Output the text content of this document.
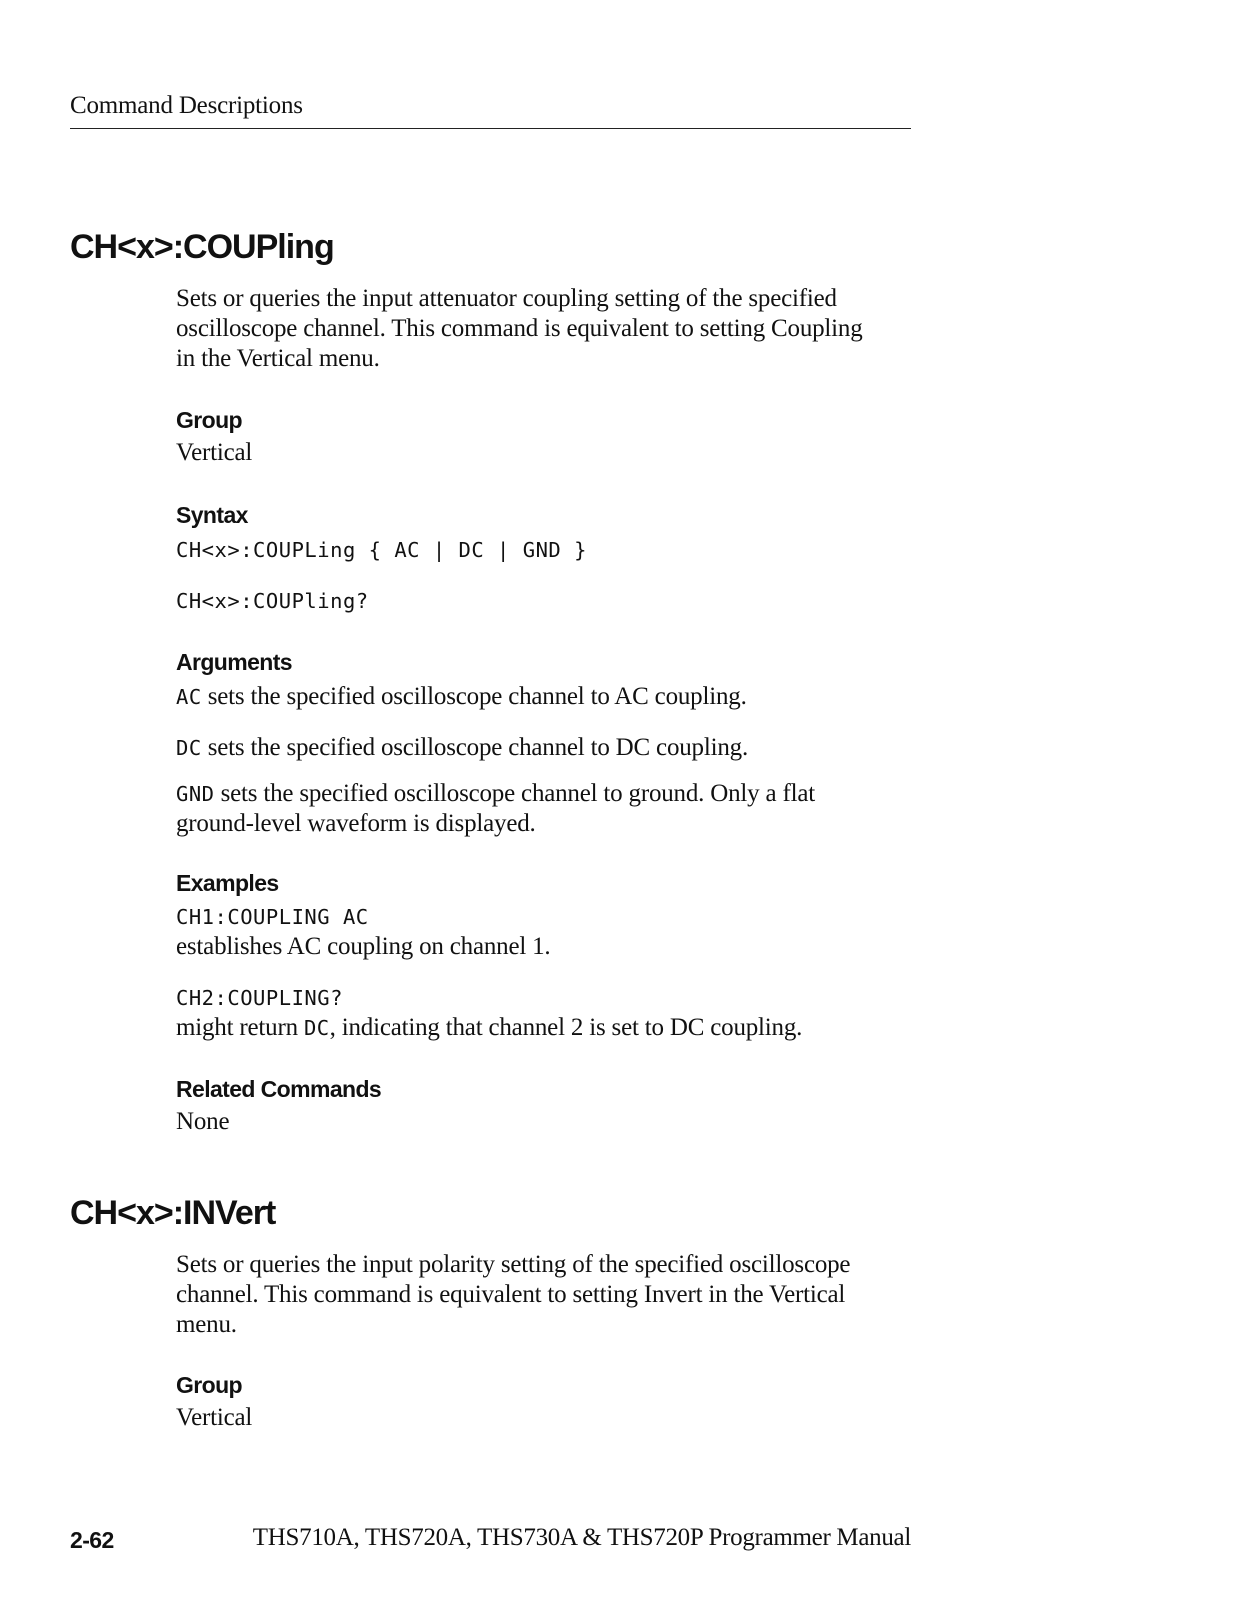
Command Descriptions
CH<x>:COUPling

Sets or queries the input attenuator coupling setting of the specified oscilloscope channel. This command is equivalent to setting Coupling in the Vertical menu.

Group

Vertical

Syntax

CH<x>:COUPLing { AC | DC | GND }

CH<x>:COUPling?

Arguments

AC sets the specified oscilloscope channel to AC coupling.

DC sets the specified oscilloscope channel to DC coupling.

GND sets the specified oscilloscope channel to ground. Only a flat ground-level waveform is displayed.

Examples

CH1:COUPLING AC

establishes AC coupling on channel 1.

CH2:COUPLING?

might return DC, indicating that channel 2 is set to DC coupling.

Related Commands

None

CH<x>:INVert

Sets or queries the input polarity setting of the specified oscilloscope channel. This command is equivalent to setting Invert in the Vertical menu.

Group

Vertical

2-62	THS710A, THS720A, THS730A & THS720P Programmer Manual
